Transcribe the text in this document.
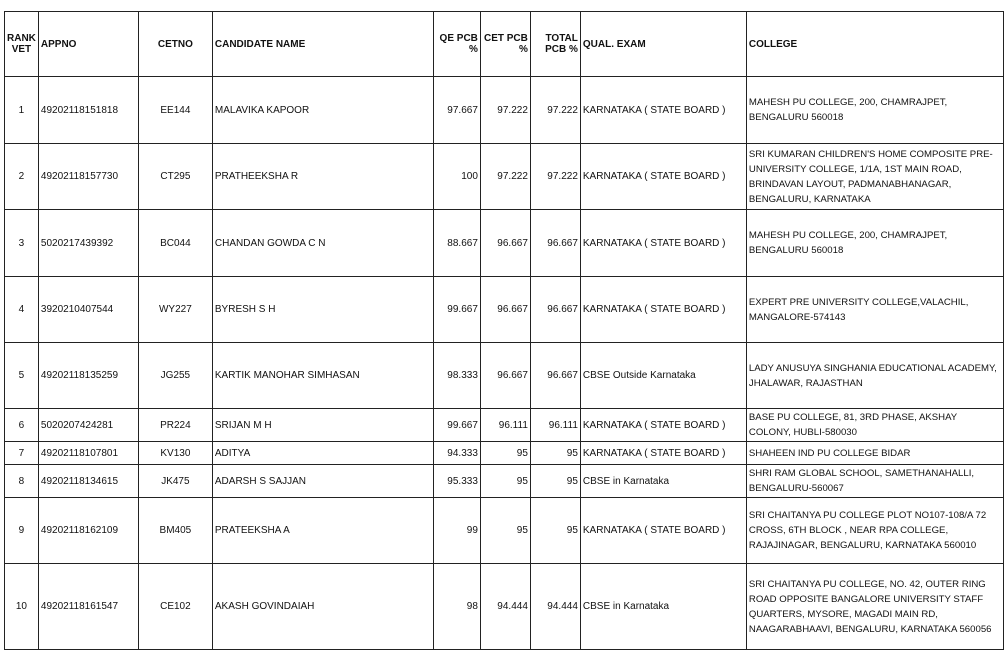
RANK VET	APPNO	CETNO	CANDIDATE NAME	QE PCB %	CET PCB %	TOTAL PCB %	QUAL. EXAM	COLLEGE
1	49202118151818	EE144	MALAVIKA KAPOOR	97.667	97.222	97.222	KARNATAKA ( STATE BOARD )	MAHESH PU COLLEGE, 200, CHAMRAJPET, BENGALURU 560018
2	49202118157730	CT295	PRATHEEKSHA R	100	97.222	97.222	KARNATAKA ( STATE BOARD )	SRI KUMARAN CHILDREN'S HOME COMPOSITE PRE-UNIVERSITY COLLEGE, 1/1A, 1ST MAIN ROAD, BRINDAVAN LAYOUT, PADMANABHANAGAR, BENGALURU, KARNATAKA
3	5020217439392	BC044	CHANDAN GOWDA C N	88.667	96.667	96.667	KARNATAKA ( STATE BOARD )	MAHESH PU COLLEGE, 200, CHAMRAJPET, BENGALURU 560018
4	3920210407544	WY227	BYRESH S H	99.667	96.667	96.667	KARNATAKA ( STATE BOARD )	EXPERT PRE UNIVERSITY COLLEGE,VALACHIL, MANGALORE-574143
5	49202118135259	JG255	KARTIK MANOHAR SIMHASAN	98.333	96.667	96.667	CBSE Outside Karnataka	LADY ANUSUYA SINGHANIA EDUCATIONAL ACADEMY, JHALAWAR, RAJASTHAN
6	5020207424281	PR224	SRIJAN M H	99.667	96.111	96.111	KARNATAKA ( STATE BOARD )	BASE PU COLLEGE, 81, 3RD PHASE, AKSHAY COLONY, HUBLI-580030
7	49202118107801	KV130	ADITYA	94.333	95	95	KARNATAKA ( STATE BOARD )	SHAHEEN IND PU COLLEGE BIDAR
8	49202118134615	JK475	ADARSH S SAJJAN	95.333	95	95	CBSE in Karnataka	SHRI RAM GLOBAL SCHOOL, SAMETHANAHALLI, BENGALURU-560067
9	49202118162109	BM405	PRATEEKSHA A	99	95	95	KARNATAKA ( STATE BOARD )	SRI CHAITANYA PU COLLEGE PLOT NO107-108/A 72 CROSS, 6TH BLOCK , NEAR RPA COLLEGE, RAJAJINAGAR, BENGALURU, KARNATAKA 560010
10	49202118161547	CE102	AKASH GOVINDAIAH	98	94.444	94.444	CBSE in Karnataka	SRI CHAITANYA PU COLLEGE, NO. 42, OUTER RING ROAD OPPOSITE BANGALORE UNIVERSITY STAFF QUARTERS, MYSORE, MAGADI MAIN RD, NAAGARABHAAVI, BENGALURU, KARNATAKA 560056
